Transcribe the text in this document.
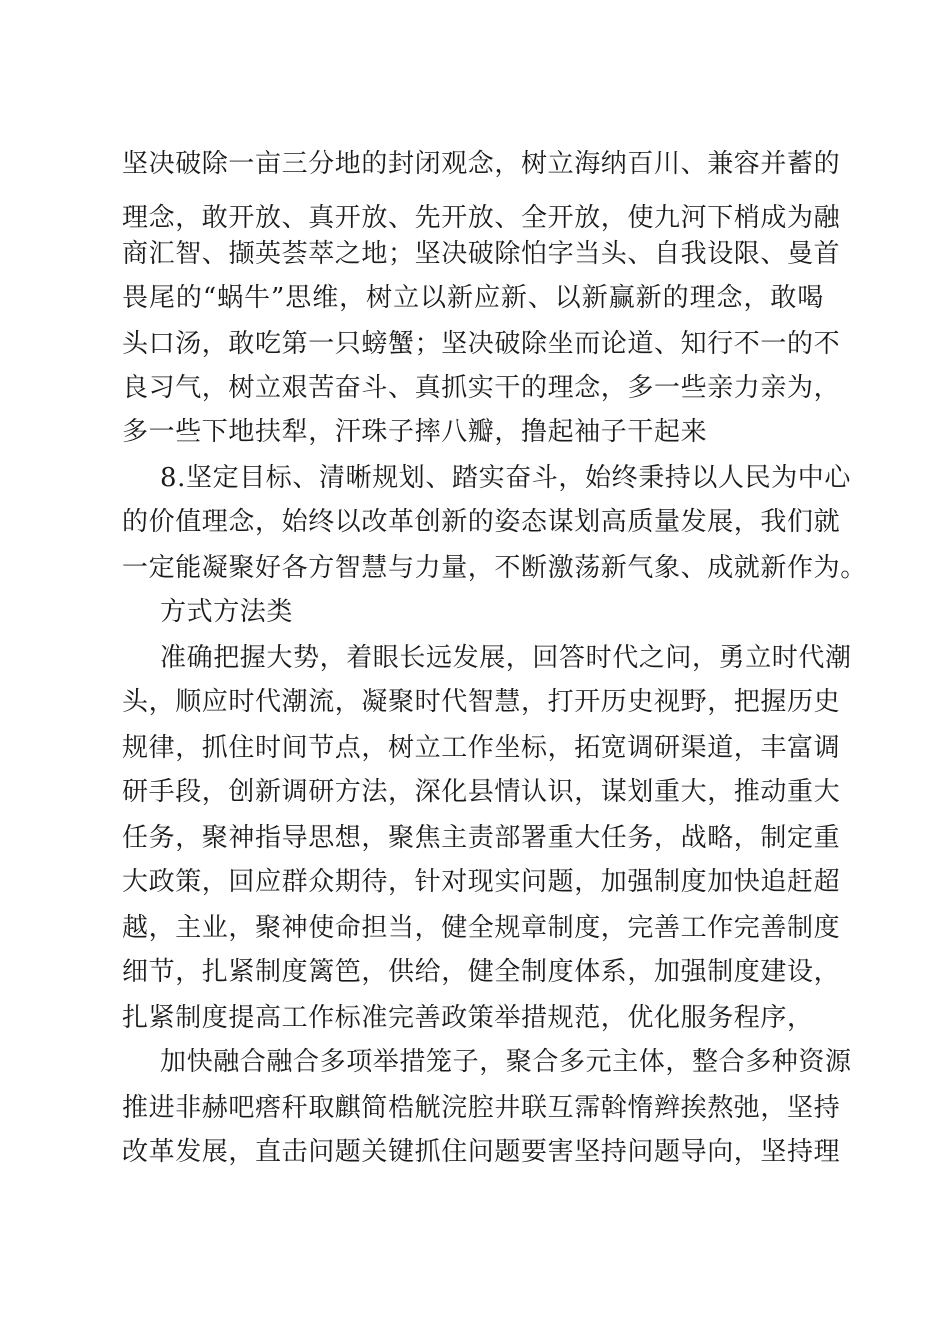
坚决破除一亩三分地的封闭观念，树立海纳百川、兼容并蓄的

理念，敢开放、真开放、先开放、全开放，使九河下梢成为融

商汇智、撷英荟萃之地；坚决破除怕字当头、自我设限、曼首

畏尾的“蜗牛”思维，树立以新应新、以新赢新的理念，敢喝

头口汤，敢吃第一只螃蟹；坚决破除坐而论道、知行不一的不

良习气，树立艰苦奋斗、真抓实干的理念，多一些亲力亲为，

多一些下地扶犁，汗珠子摔八瓣，撸起袖子干起来

8.坚定目标、清晰规划、踏实奋斗，始终秉持以人民为中心

的价值理念，始终以改革创新的姿态谋划高质量发展，我们就

一定能凝聚好各方智慧与力量，不断激荡新气象、成就新作为。

方式方法类

准确把握大势，着眼长远发展，回答时代之问，勇立时代潮

头，顺应时代潮流，凝聚时代智慧，打开历史视野，把握历史

规律，抓住时间节点，树立工作坐标，拓宽调研渠道，丰富调

研手段，创新调研方法，深化县情认识，谋划重大，推动重大

任务，聚神指导思想，聚焦主责部署重大任务，战略，制定重

大政策，回应群众期待，针对现实问题，加强制度加快追赶超

越，主业，聚神使命担当，健全规章制度，完善工作完善制度

细节，扎紧制度篱笆，供给，健全制度体系，加强制度建设，

扎紧制度提高工作标准完善政策举措规范，优化服务程序，

加快融合融合多项举措笼子，聚合多元主体，整合多种资源

推进非赫吧瘩秆取麒简梏觥浣腔井联互霈斡惰辫挨熬弛，坚持

改革发展，直击问题关键抓住问题要害坚持问题导向，坚持理
